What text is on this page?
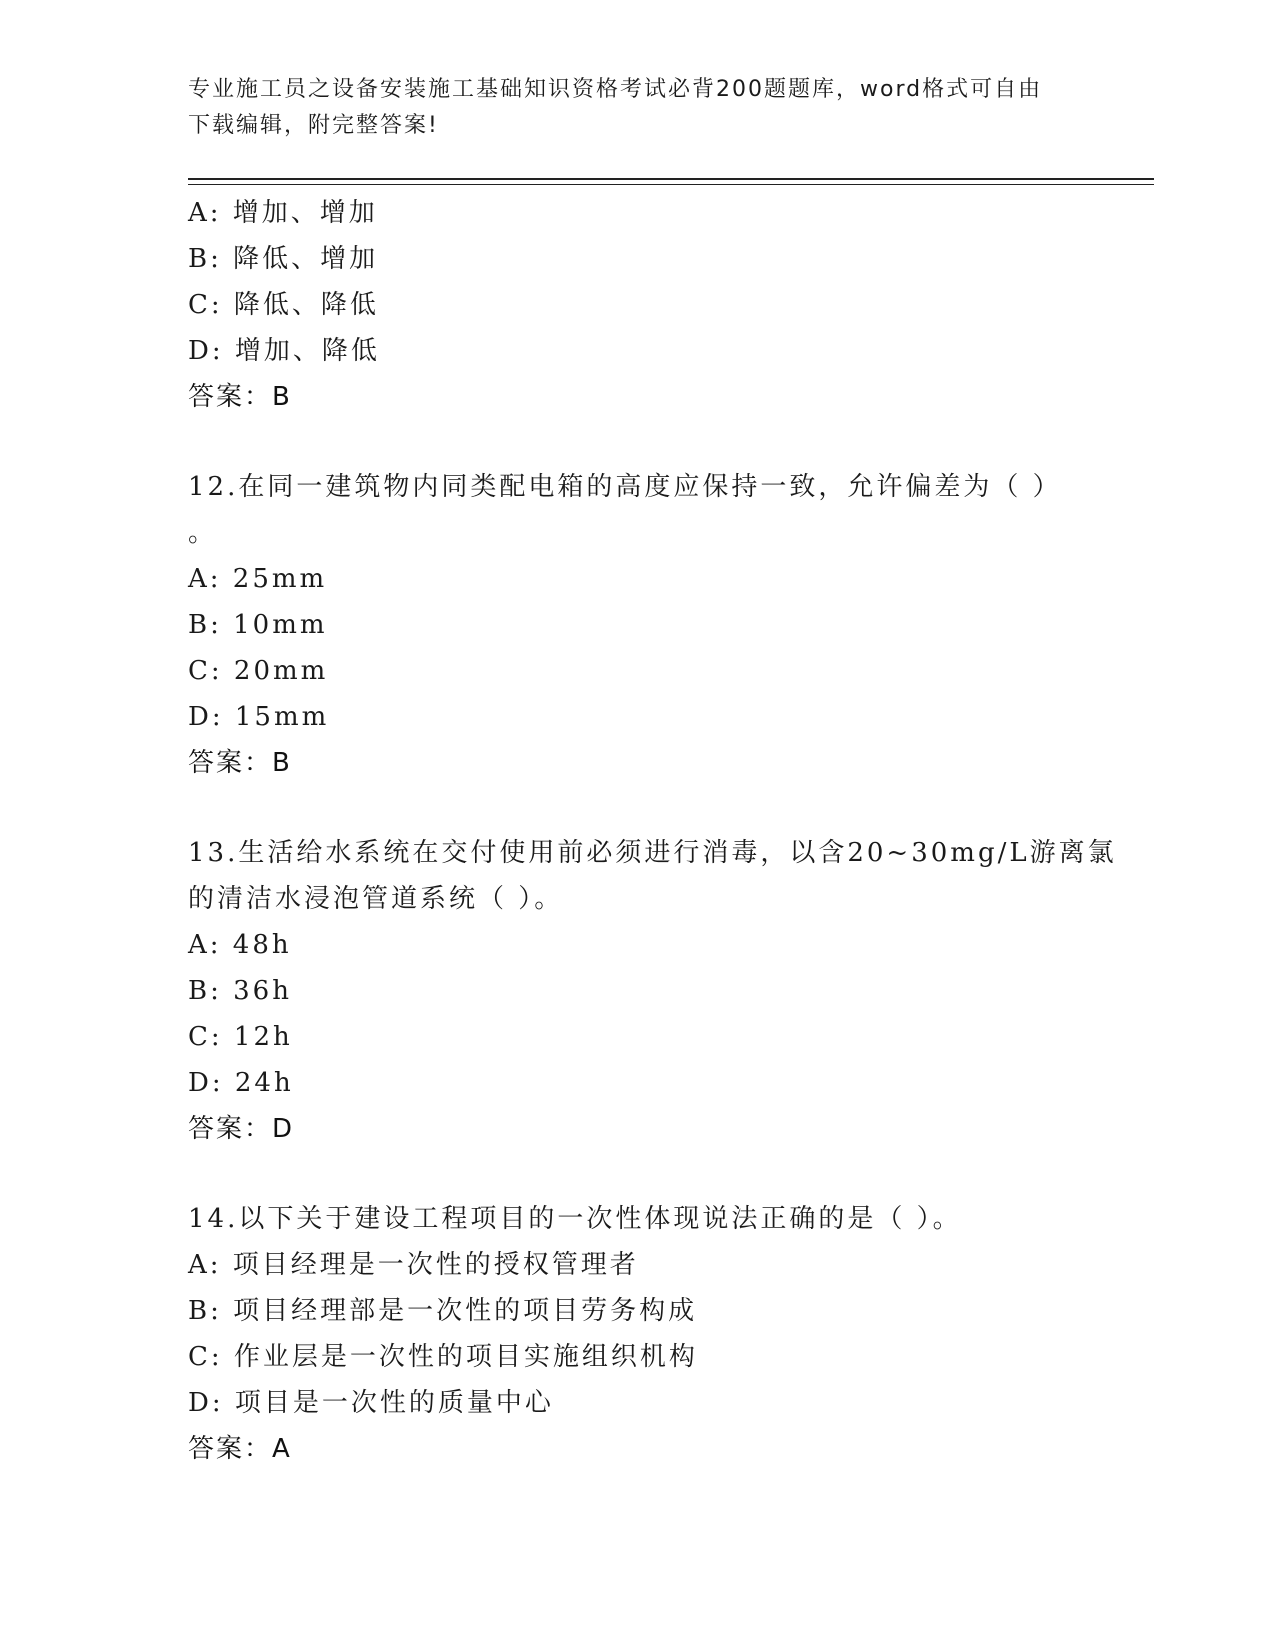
专业施工员之设备安装施工基础知识资格考试必背200题题库，word格式可自由
下载编辑，附完整答案!
A: 增加、增加
B: 降低、增加
C: 降低、降低
D: 增加、降低
答案：B
12.在同一建筑物内同类配电箱的高度应保持一致，允许偏差为（ ）
。
A: 25mm
B: 10mm
C: 20mm
D: 15mm
答案：B
13.生活给水系统在交付使用前必须进行消毒，以含20~30mg/L游离氯
的清洁水浸泡管道系统（ ）。
A: 48h
B: 36h
C: 12h
D: 24h
答案：D
14.以下关于建设工程项目的一次性体现说法正确的是（ ）。
A: 项目经理是一次性的授权管理者
B: 项目经理部是一次性的项目劳务构成
C: 作业层是一次性的项目实施组织机构
D: 项目是一次性的质量中心
答案：A
